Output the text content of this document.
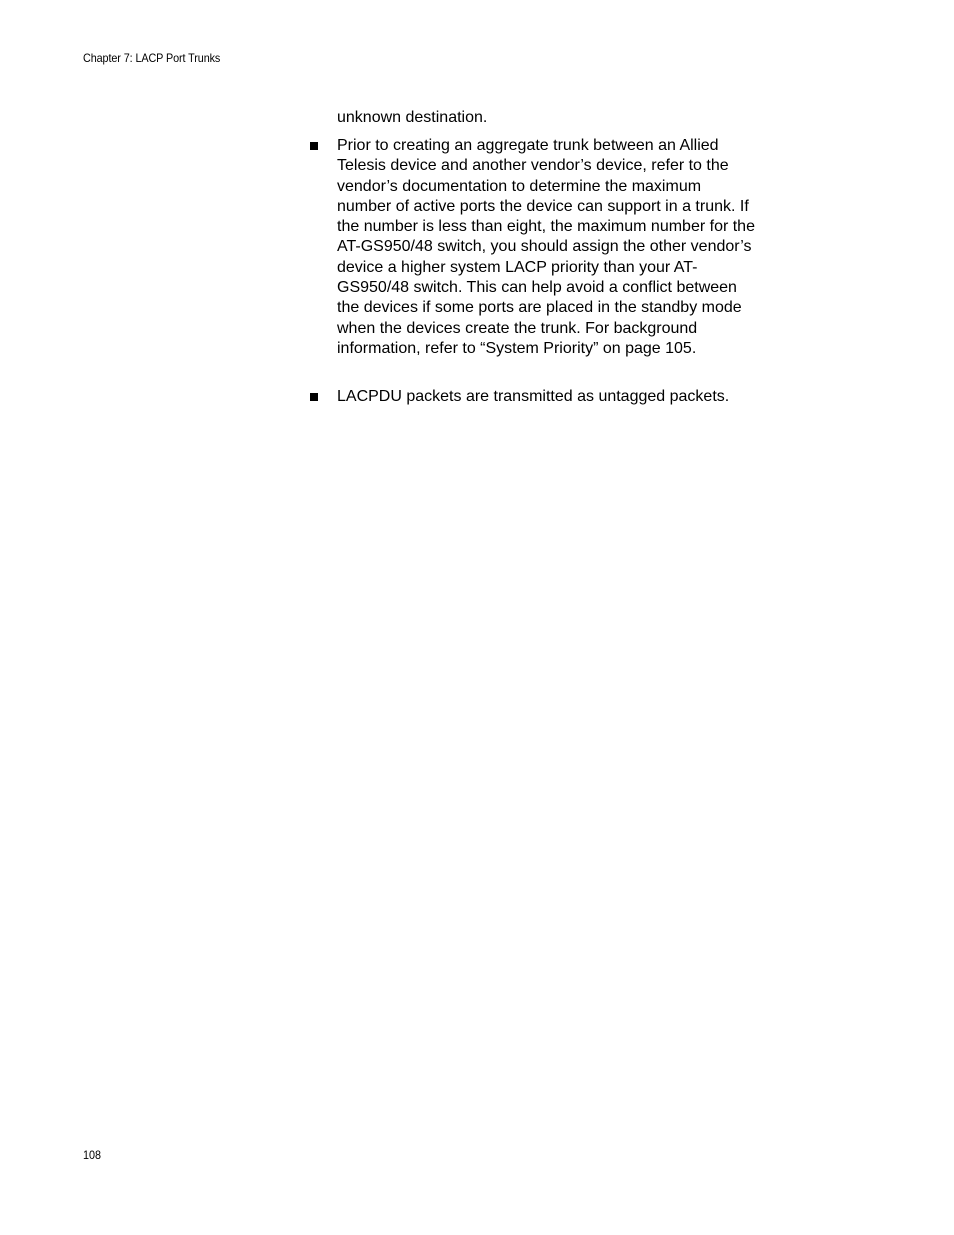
Chapter 7: LACP Port Trunks
unknown destination.
Prior to creating an aggregate trunk between an Allied Telesis device and another vendor’s device, refer to the vendor’s documentation to determine the maximum number of active ports the device can support in a trunk. If the number is less than eight, the maximum number for the AT-GS950/48 switch, you should assign the other vendor’s device a higher system LACP priority than your AT-GS950/48 switch. This can help avoid a conflict between the devices if some ports are placed in the standby mode when the devices create the trunk. For background information, refer to “System Priority” on page 105.
LACPDU packets are transmitted as untagged packets.
108
